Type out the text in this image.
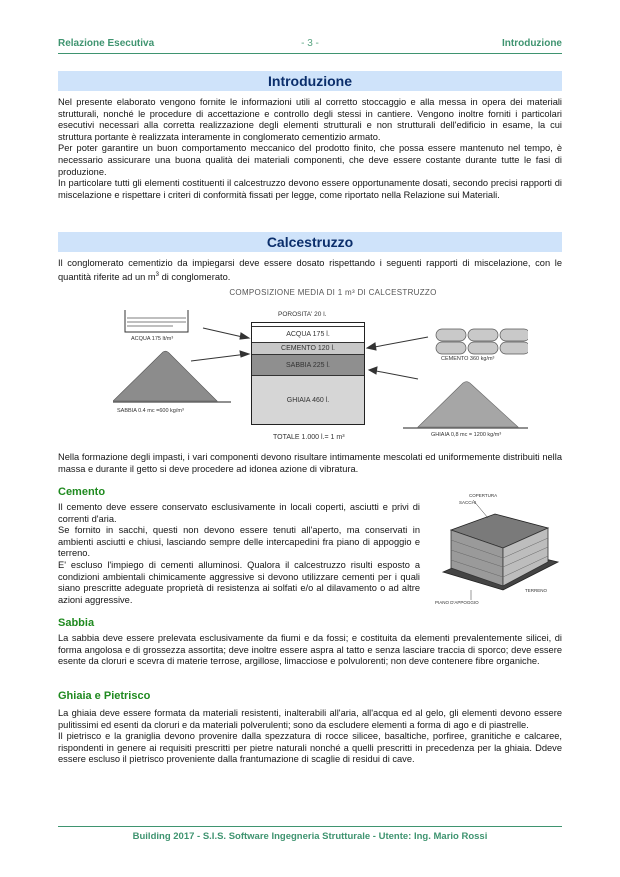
- 3 -
Relazione Esecutiva	Introduzione
Introduzione

Nel presente elaborato vengono fornite le informazioni utili al corretto stoccaggio e alla messa in opera dei materiali strutturali, nonché le procedure di accettazione e controllo degli stessi in cantiere. Vengono inoltre forniti i particolari esecutivi necessari alla corretta realizzazione degli elementi strutturali e non strutturali dell'edificio in esame, la cui struttura portante è realizzata interamente in conglomerato cementizio armato.

Per poter garantire un buon comportamento meccanico del prodotto finito, che possa essere mantenuto nel tempo, è necessario assicurare una buona qualità dei materiali componenti, che deve essere costante durante tutte le fasi di produzione.

In particolare tutti gli elementi costituenti il calcestruzzo devono essere opportunamente dosati, secondo precisi rapporti di miscelazione e rispettare i criteri di conformità fissati per legge, come riportato nella Relazione sui Materiali.

Calcestruzzo

Il conglomerato cementizio da impiegarsi deve essere dosato rispettando i seguenti rapporti di miscelazione, con le quantità riferite ad un $m^3$ di conglomerato.

COMPOSIZIONE MEDIA DI 1 m³ DI CALCESTRUZZO
ACQUA 175 lt/m³
SABBIA 0.4 mc =600 kg/m³
CEMENTO 360 kg/m³
GHIAIA 0,8 mc = 1200 kg/m³
POROSITA' 20 l.
ACQUA 175 l.
CEMENTO 120 l.
SABBIA 225 l.
GHIAIA 460 l.
TOTALE 1.000 l.= 1 m³

Nella formazione degli impasti, i vari componenti devono risultare intimamente mescolati ed uniformemente distribuiti nella massa e durante il getto si deve procedere ad idonea azione di vibratura.

Cemento

Il cemento deve essere conservato esclusivamente in locali coperti, asciutti e privi di correnti d'aria.

Se fornito in sacchi, questi non devono essere tenuti all'aperto, ma conservati in ambienti asciutti e chiusi, lasciando sempre delle intercapedini fra piano di appoggio e terreno.

E' escluso l'impiego di cementi alluminosi. Qualora il calcestruzzo risulti esposto a condizioni ambientali chimicamente aggressive si devono utilizzare cementi per i quali siano prescritte adeguate proprietà di resistenza ai solfati e/o al dilavamento o ad altre azioni aggressive.

COPERTURA
SACCHI
TERRENO
PIANO D'APPOGGIO
Sabbia

La sabbia deve essere prelevata esclusivamente da fiumi e da fossi; e costituita da elementi prevalentemente silicei, di forma angolosa e di grossezza assortita; deve inoltre essere aspra al tatto e senza lasciare traccia di sporco; deve essere esente da cloruri e scevra di materie terrose, argillose, limacciose e polvulorenti; non deve contenere fibre organiche.

Ghiaia e Pietrisco

La ghiaia deve essere formata da materiali resistenti, inalterabili all'aria, all'acqua ed al gelo, gli elementi devono essere pulitissimi ed esenti da cloruri e da materiali polverulenti; sono da escludere elementi a forma di ago e di piastrelle.

Il pietrisco e la graniglia devono provenire dalla spezzatura di rocce silicee, basaltiche, porfiree, granitiche e calcaree, rispondenti in genere ai requisiti prescritti per pietre naturali nonché a quelli prescritti in precedenza per la ghiaia. Ddeve essere escluso il pietrisco proveniente dalla frantumazione di scaglie di residui di cave.

Building 2017 - S.I.S. Software Ingegneria Strutturale - Utente: Ing. Mario Rossi
